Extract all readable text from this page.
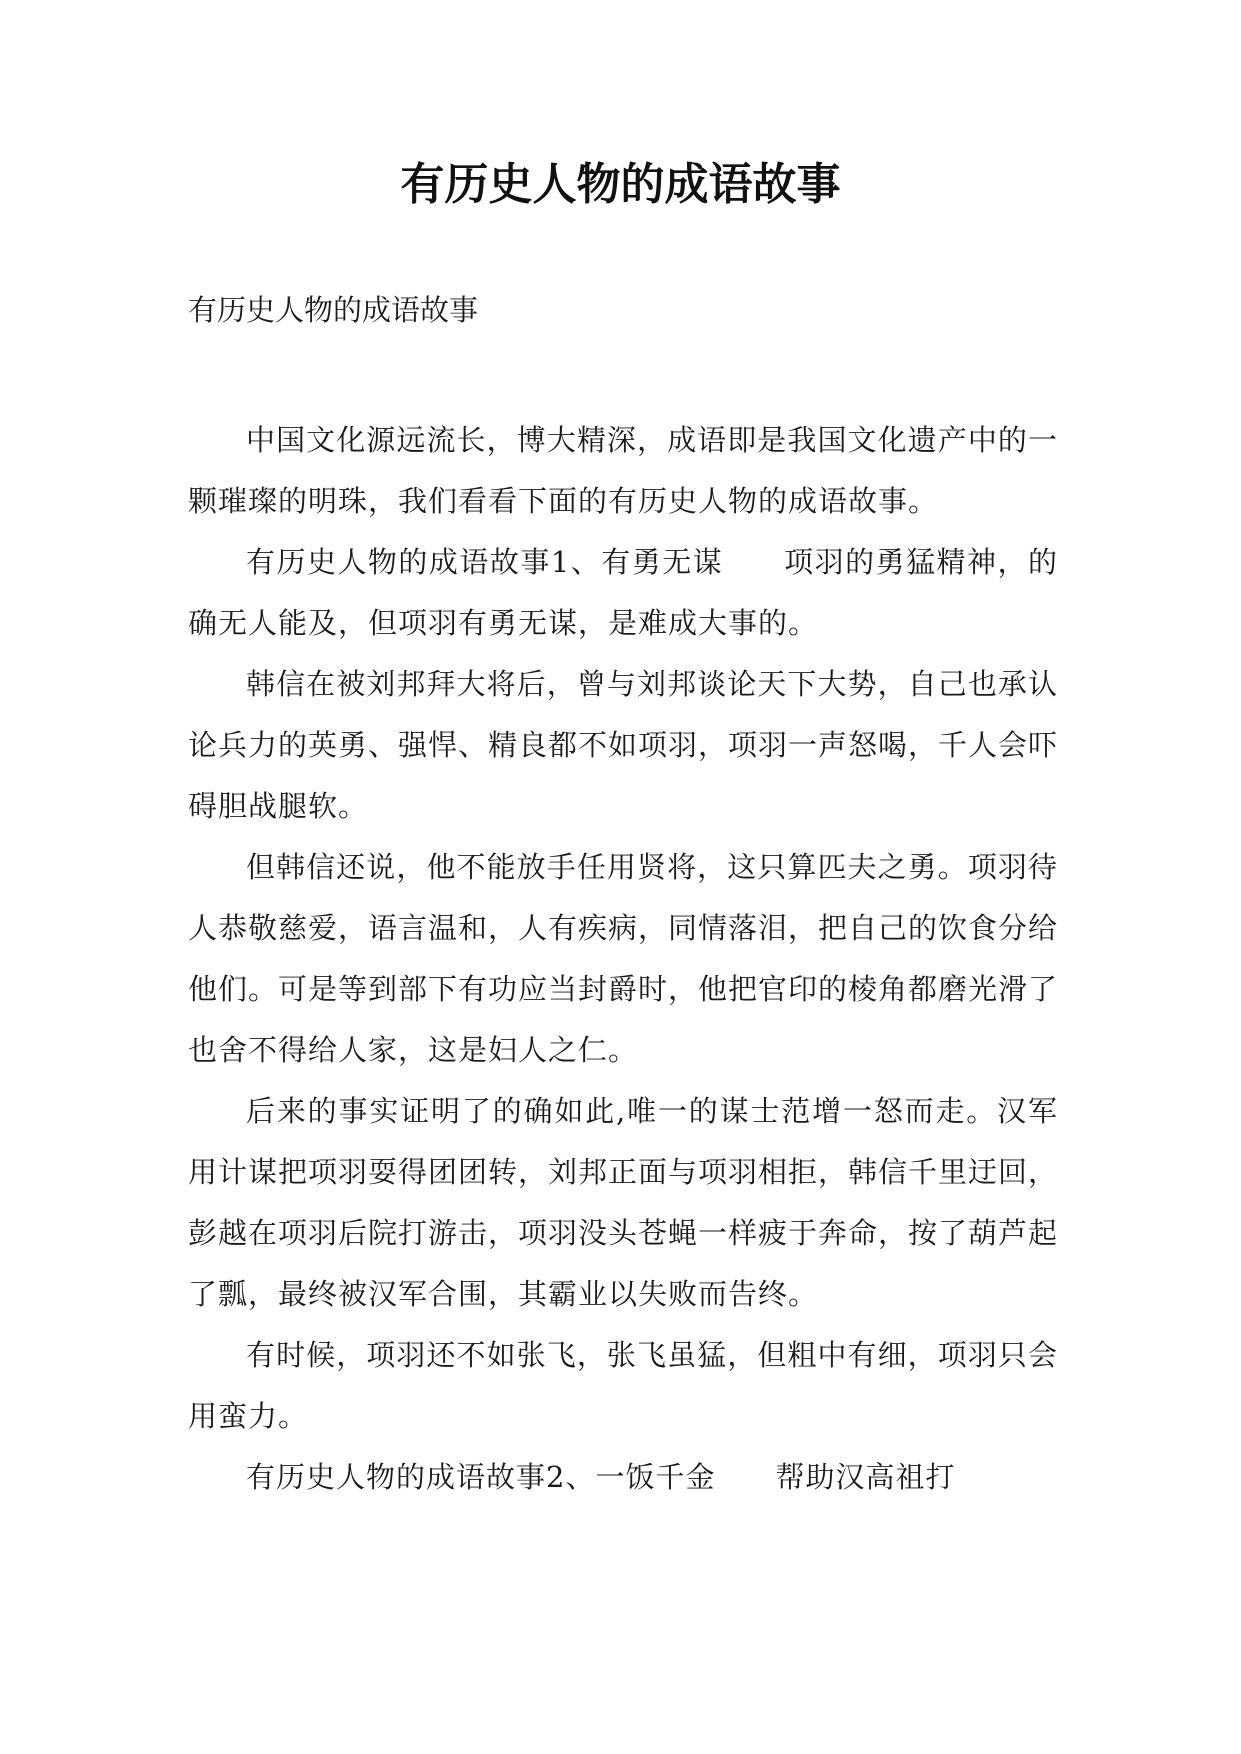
有历史人物的成语故事

有历史人物的成语故事

中国文化源远流长，博大精深，成语即是我国文化遗产中的一颗璀璨的明珠，我们看看下面的有历史人物的成语故事。

有历史人物的成语故事1、有勇无谋　　项羽的勇猛精神，的确无人能及，但项羽有勇无谋，是难成大事的。

韩信在被刘邦拜大将后，曾与刘邦谈论天下大势，自己也承认论兵力的英勇、强悍、精良都不如项羽，项羽一声怒喝，千人会吓碍胆战腿软。

但韩信还说，他不能放手任用贤将，这只算匹夫之勇。项羽待人恭敬慈爱，语言温和，人有疾病，同情落泪，把自己的饮食分给他们。可是等到部下有功应当封爵时，他把官印的棱角都磨光滑了也舍不得给人家，这是妇人之仁。

后来的事实证明了的确如此,唯一的谋士范增一怒而走。汉军用计谋把项羽耍得团团转，刘邦正面与项羽相拒，韩信千里迂回，彭越在项羽后院打游击，项羽没头苍蝇一样疲于奔命，按了葫芦起了瓢，最终被汉军合围，其霸业以失败而告终。

有时候，项羽还不如张飞，张飞虽猛，但粗中有细，项羽只会用蛮力。

有历史人物的成语故事2、一饭千金　　帮助汉高祖打
